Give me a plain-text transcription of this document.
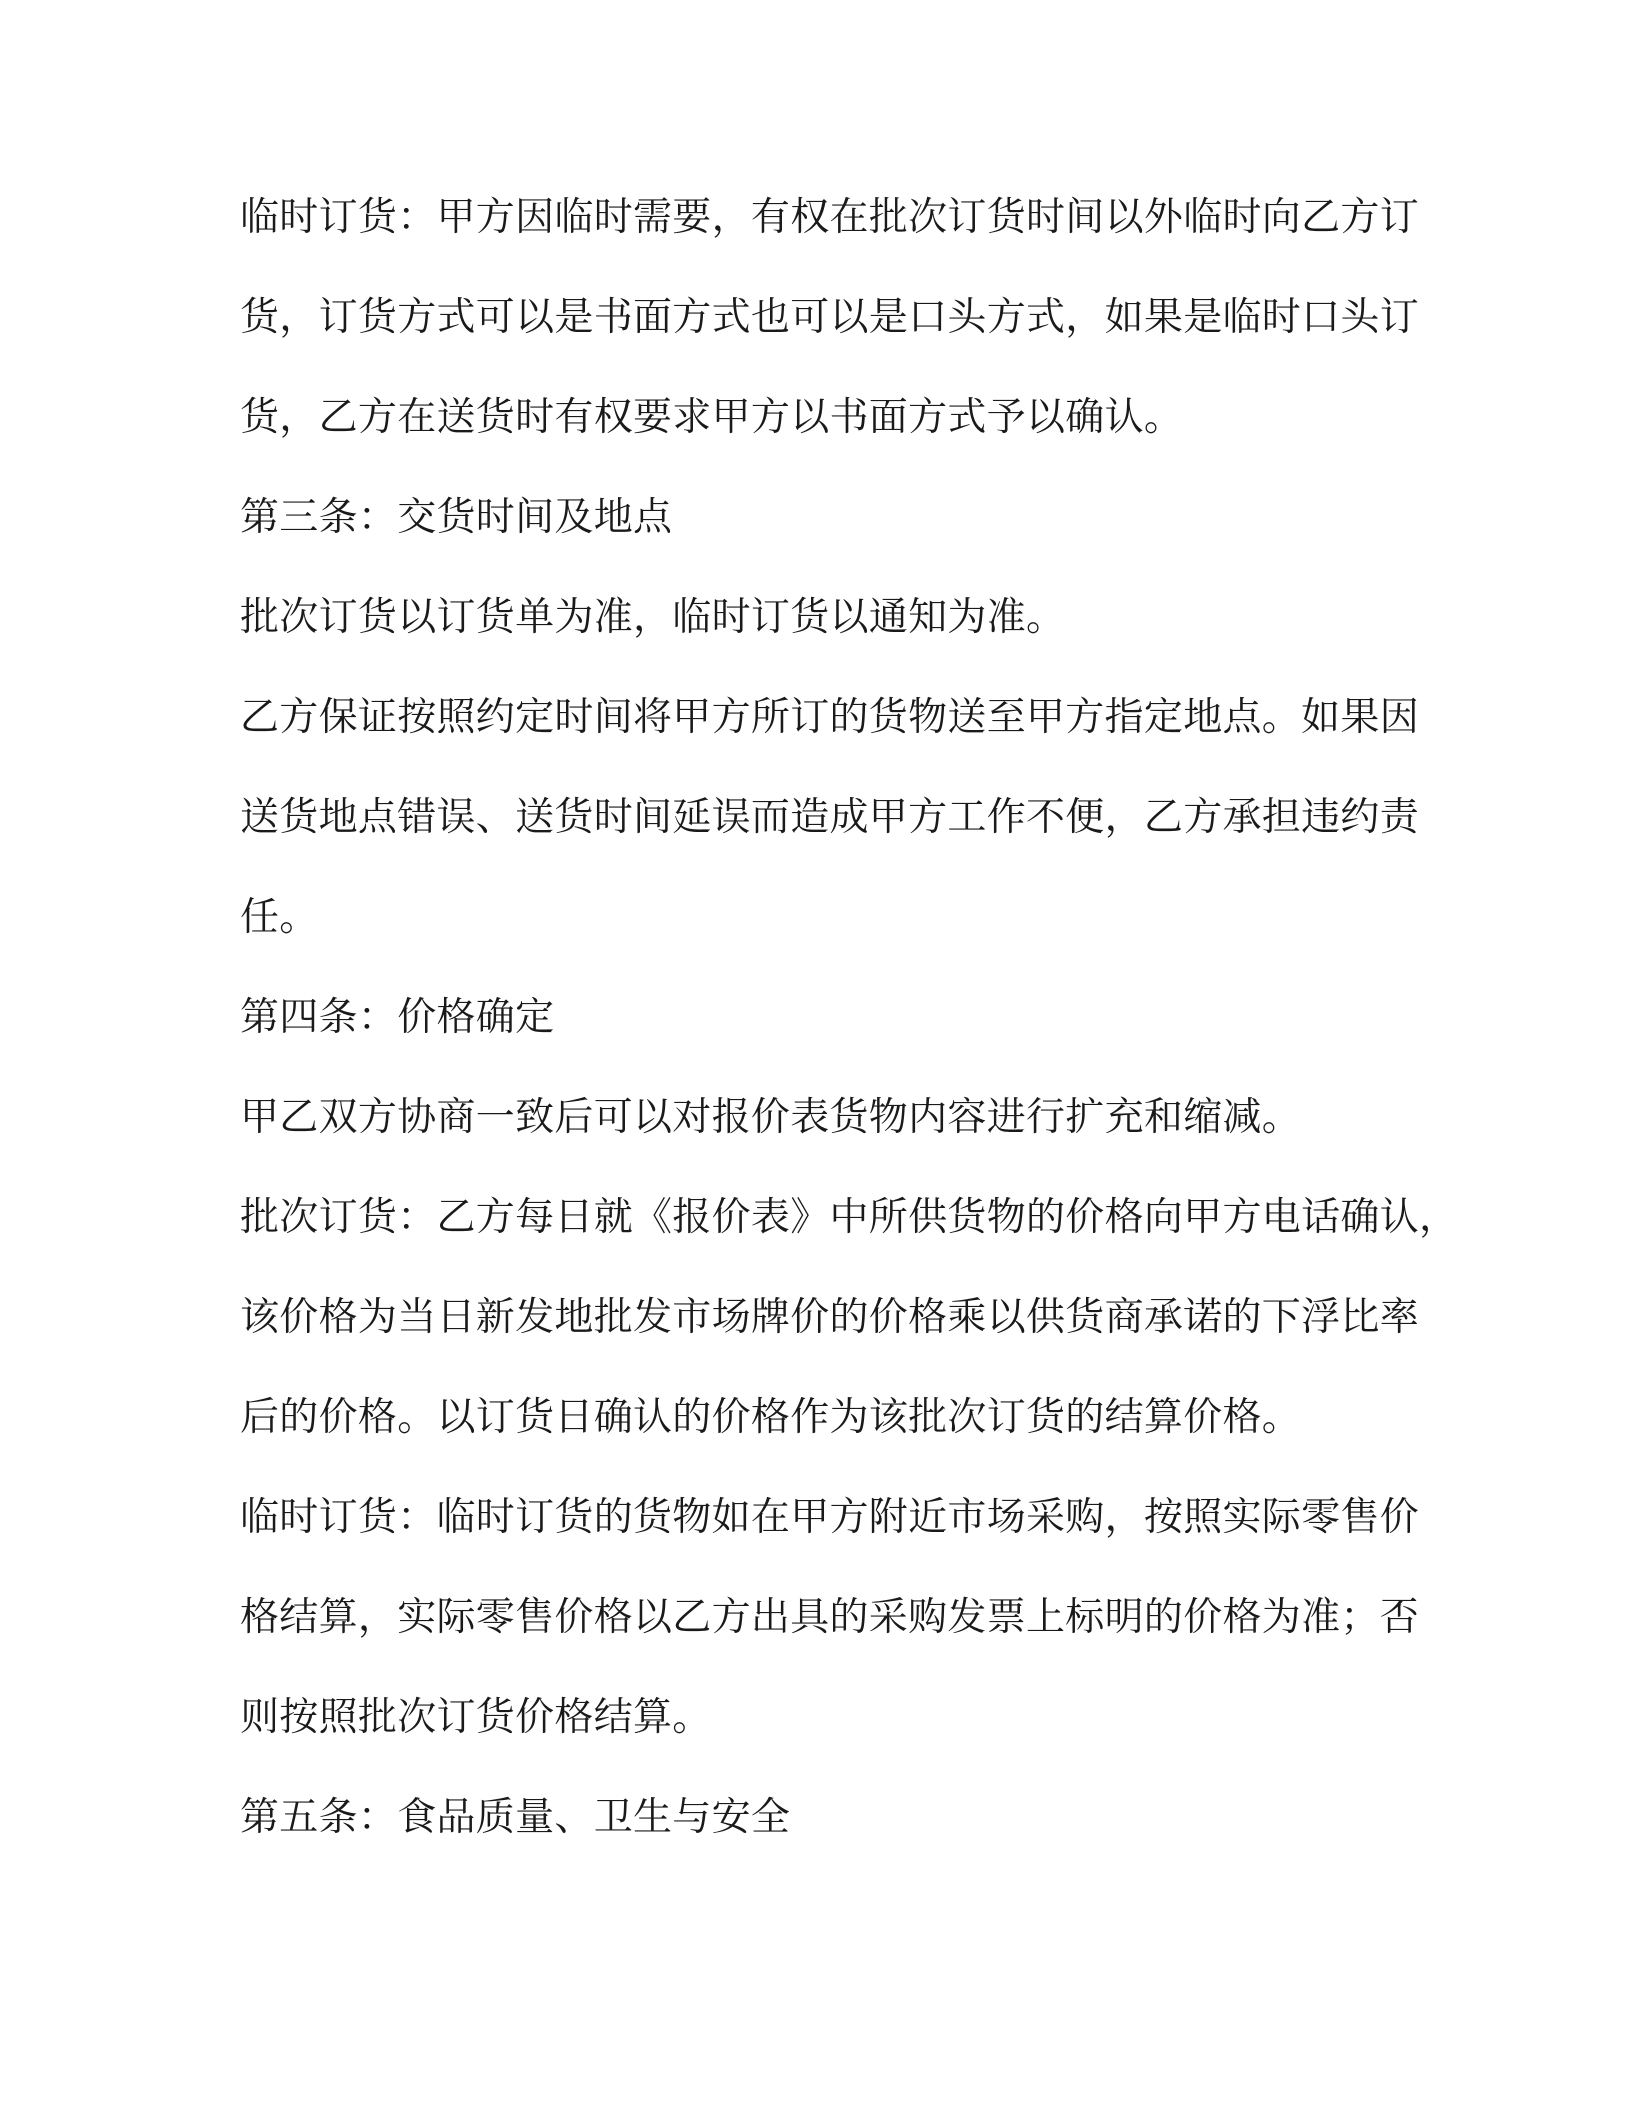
临时订货：甲方因临时需要，有权在批次订货时间以外临时向乙方订
货，订货方式可以是书面方式也可以是口头方式，如果是临时口头订
货，乙方在送货时有权要求甲方以书面方式予以确认。
第三条：交货时间及地点
批次订货以订货单为准，临时订货以通知为准。
乙方保证按照约定时间将甲方所订的货物送至甲方指定地点。如果因
送货地点错误、送货时间延误而造成甲方工作不便，乙方承担违约责
任。
第四条：价格确定
甲乙双方协商一致后可以对报价表货物内容进行扩充和缩减。
批次订货：乙方每日就《报价表》中所供货物的价格向甲方电话确认，
该价格为当日新发地批发市场牌价的价格乘以供货商承诺的下浮比率
后的价格。以订货日确认的价格作为该批次订货的结算价格。
临时订货：临时订货的货物如在甲方附近市场采购，按照实际零售价
格结算，实际零售价格以乙方出具的采购发票上标明的价格为准；否
则按照批次订货价格结算。
第五条：食品质量、卫生与安全
